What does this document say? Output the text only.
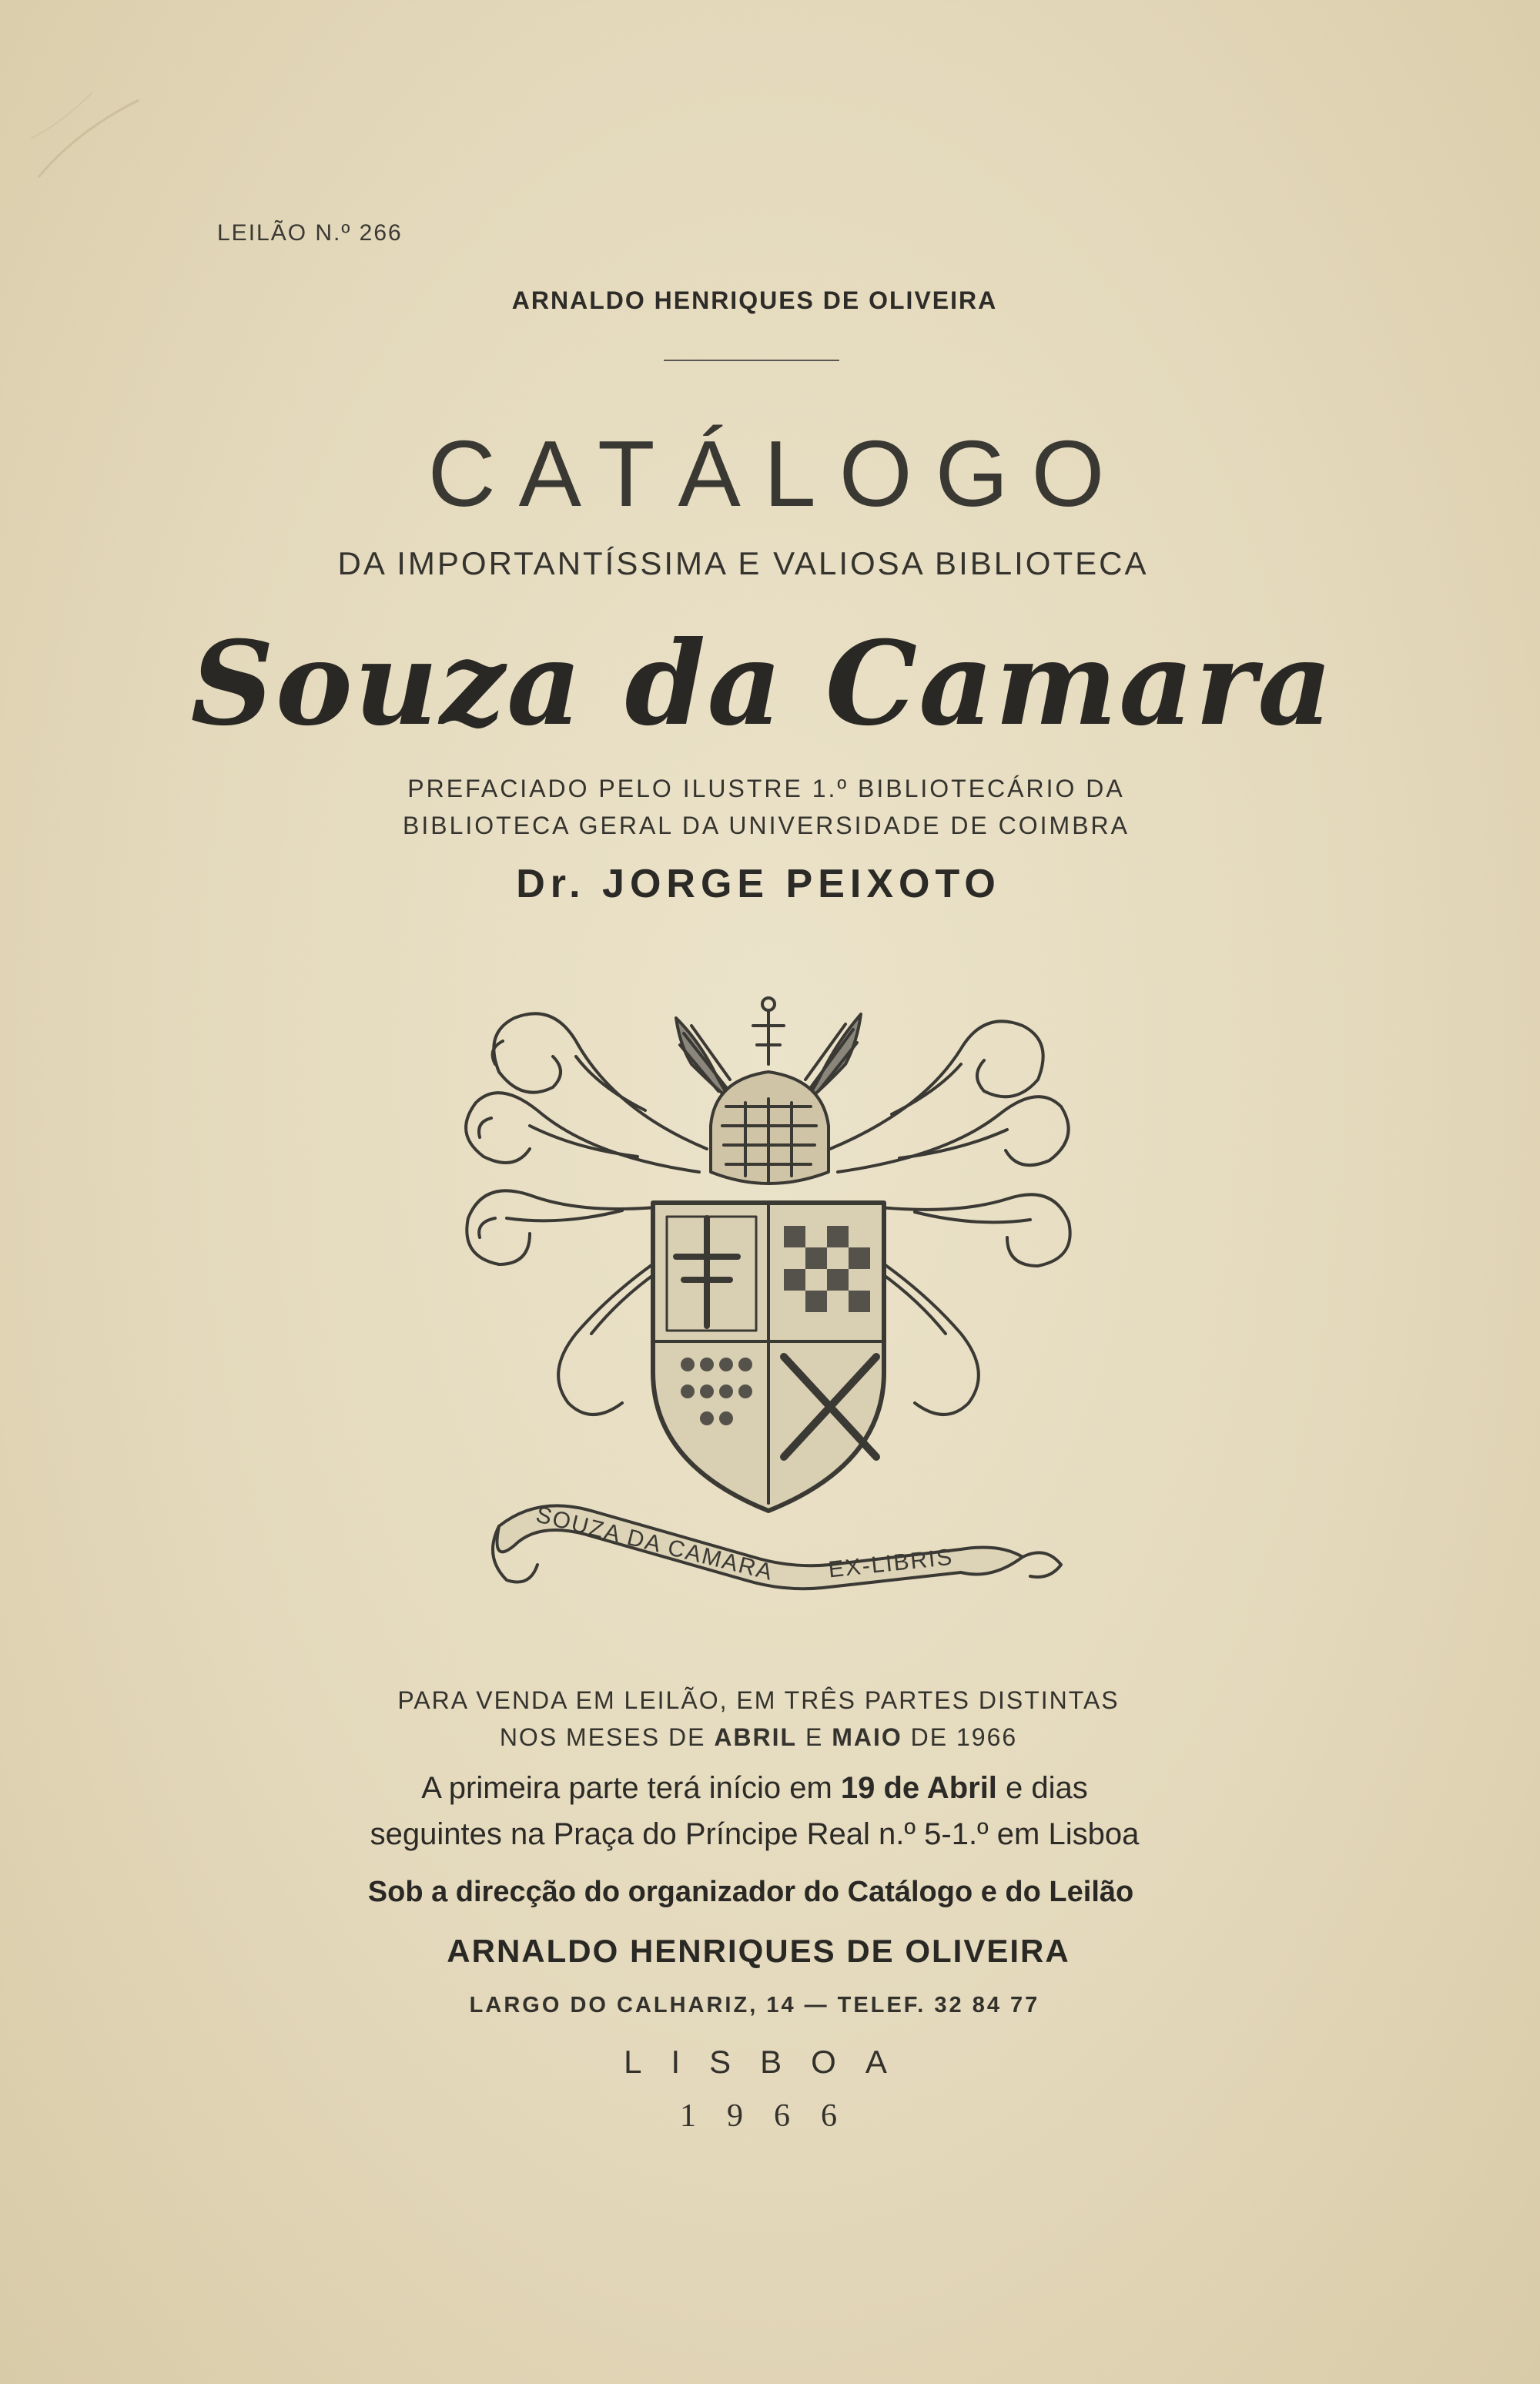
LEILÃO N.º 266
ARNALDO HENRIQUES DE OLIVEIRA
CATÁLOGO
DA IMPORTANTÍSSIMA E VALIOSA BIBLIOTECA
Souza da Camara
PREFACIADO PELO ILUSTRE 1.º BIBLIOTECÁRIO DA
BIBLIOTECA GERAL DA UNIVERSIDADE DE COIMBRA
Dr. JORGE PEIXOTO
SOUZA DA CAMARA EX-LIBRIS
PARA VENDA EM LEILÃO, EM TRÊS PARTES DISTINTAS
NOS MESES DE ABRIL E MAIO DE 1966
A primeira parte terá início em 19 de Abril e dias
seguintes na Praça do Príncipe Real n.º 5-1.º em Lisboa
Sob a direcção do organizador do Catálogo e do Leilão
ARNALDO HENRIQUES DE OLIVEIRA
LARGO DO CALHARIZ, 14 — TELEF. 32 84 77
LISBOA
1966
